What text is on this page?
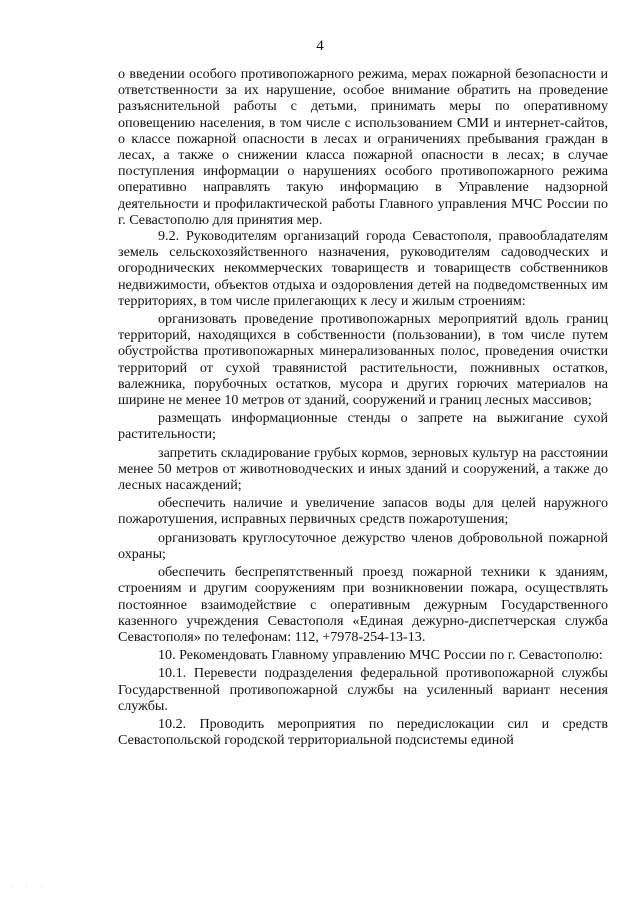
4

о введении особого противопожарного режима, мерах пожарной безопасности и ответственности за их нарушение, особое внимание обратить на проведение разъяснительной работы с детьми, принимать меры по оперативному оповещению населения, в том числе с использованием СМИ и интернет-сайтов, о классе пожарной опасности в лесах и ограничениях пребывания граждан в лесах, а также о снижении класса пожарной опасности в лесах; в случае поступления информации о нарушениях особого противопожарного режима оперативно направлять такую информацию в Управление надзорной деятельности и профилактической работы Главного управления МЧС России по г. Севастополю для принятия мер.

9.2. Руководителям организаций города Севастополя, правообладателям земель сельскохозяйственного назначения, руководителям садоводческих и огороднических некоммерческих товариществ и товариществ собственников недвижимости, объектов отдыха и оздоровления детей на подведомственных им территориях, в том числе прилегающих к лесу и жилым строениям:

организовать проведение противопожарных мероприятий вдоль границ территорий, находящихся в собственности (пользовании), в том числе путем обустройства противопожарных минерализованных полос, проведения очистки территорий от сухой травянистой растительности, пожнивных остатков, валежника, порубочных остатков, мусора и других горючих материалов на ширине не менее 10 метров от зданий, сооружений и границ лесных массивов;

размещать информационные стенды о запрете на выжигание сухой растительности;

запретить складирование грубых кормов, зерновых культур на расстоянии менее 50 метров от животноводческих и иных зданий и сооружений, а также до лесных насаждений;

обеспечить наличие и увеличение запасов воды для целей наружного пожаротушения, исправных первичных средств пожаротушения;

организовать круглосуточное дежурство членов добровольной пожарной охраны;

обеспечить беспрепятственный проезд пожарной техники к зданиям, строениям и другим сооружениям при возникновении пожара, осуществлять постоянное взаимодействие с оперативным дежурным Государственного казенного учреждения Севастополя «Единая дежурно-диспетчерская служба Севастополя» по телефонам: 112, +7978-254-13-13.

10. Рекомендовать Главному управлению МЧС России по г. Севастополю:

10.1. Перевести подразделения федеральной противопожарной службы Государственной противопожарной службы на усиленный вариант несения службы.

10.2. Проводить мероприятия по передислокации сил и средств Севастопольской городской территориальной подсистемы единой

· · ·
